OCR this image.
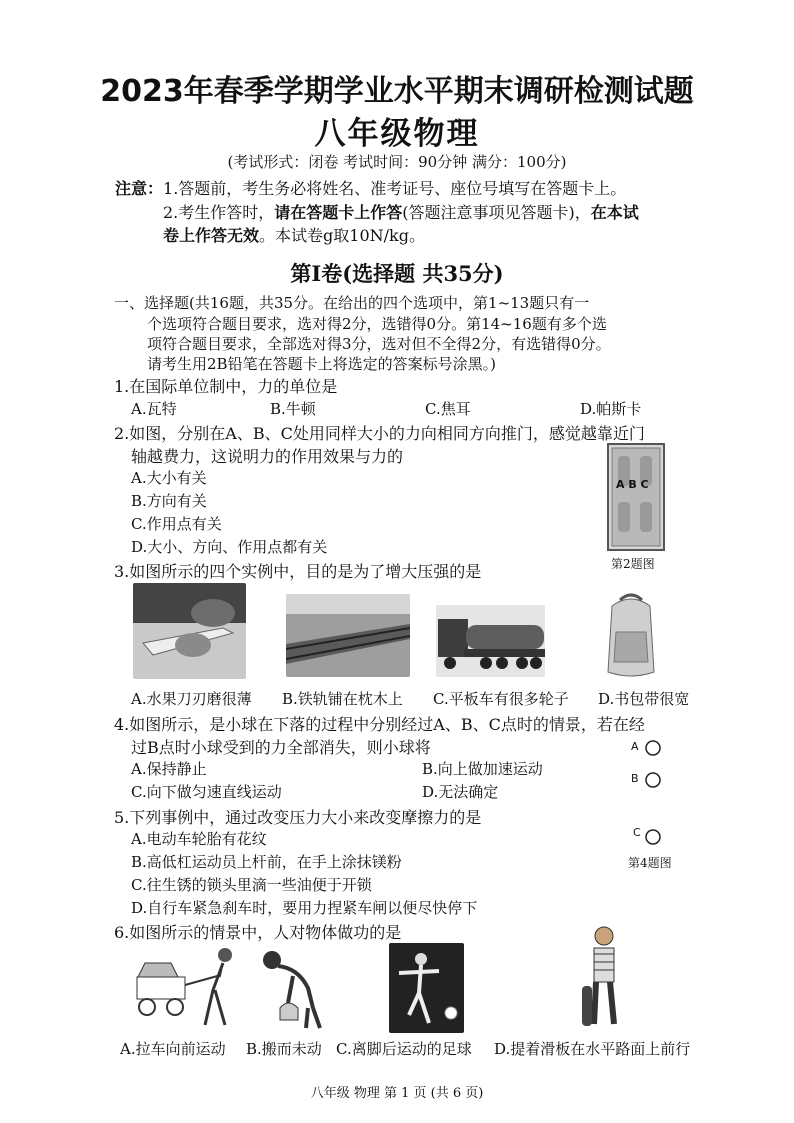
2023年春季学期学业水平期末调研检测试题
八年级物理
(考试形式：闭卷 考试时间：90分钟 满分：100分)
注意：1.答题前，考生务必将姓名、准考证号、座位号填写在答题卡上。
2.考生作答时，请在答题卡上作答(答题注意事项见答题卡)，在本试
卷上作答无效。本试卷g取10N/kg。
第Ⅰ卷(选择题 共35分)
一、选择题(共16题，共35分。在给出的四个选项中，第1~13题只有一
个选项符合题目要求，选对得2分，选错得0分。第14~16题有多个选
项符合题目要求，全部选对得3分，选对但不全得2分，有选错得0分。
请考生用2B铅笔在答题卡上将选定的答案标号涂黑。)
1.在国际单位制中，力的单位是
A.瓦特	B.牛顿	C.焦耳	D.帕斯卡
2.如图，分别在A、B、C处用同样大小的力向相同方向推门，感觉越靠近门
轴越费力，这说明力的作用效果与力的
A.大小有关
B.方向有关
C.作用点有关
D.大小、方向、作用点都有关
A B C
第2题图
3.如图所示的四个实例中，目的是为了增大压强的是
A.水果刀刃磨很薄 B.铁轨铺在枕木上 C.平板车有很多轮子 D.书包带很宽
4.如图所示，是小球在下落的过程中分别经过A、B、C点时的情景，若在经
过B点时小球受到的力全部消失，则小球将
A.保持静止	B.向上做加速运动
C.向下做匀速直线运动	D.无法确定
A
B
C
第4题图
5.下列事例中，通过改变压力大小来改变摩擦力的是
A.电动车轮胎有花纹
B.高低杠运动员上杆前，在手上涂抹镁粉
C.往生锈的锁头里滴一些油便于开锁
D.自行车紧急刹车时，要用力捏紧车闸以便尽快停下
6.如图所示的情景中，人对物体做功的是
A.拉车向前运动 B.搬而未动 C.离脚后运动的足球 D.提着滑板在水平路面上前行
八年级 物理 第 1 页 (共 6 页)
